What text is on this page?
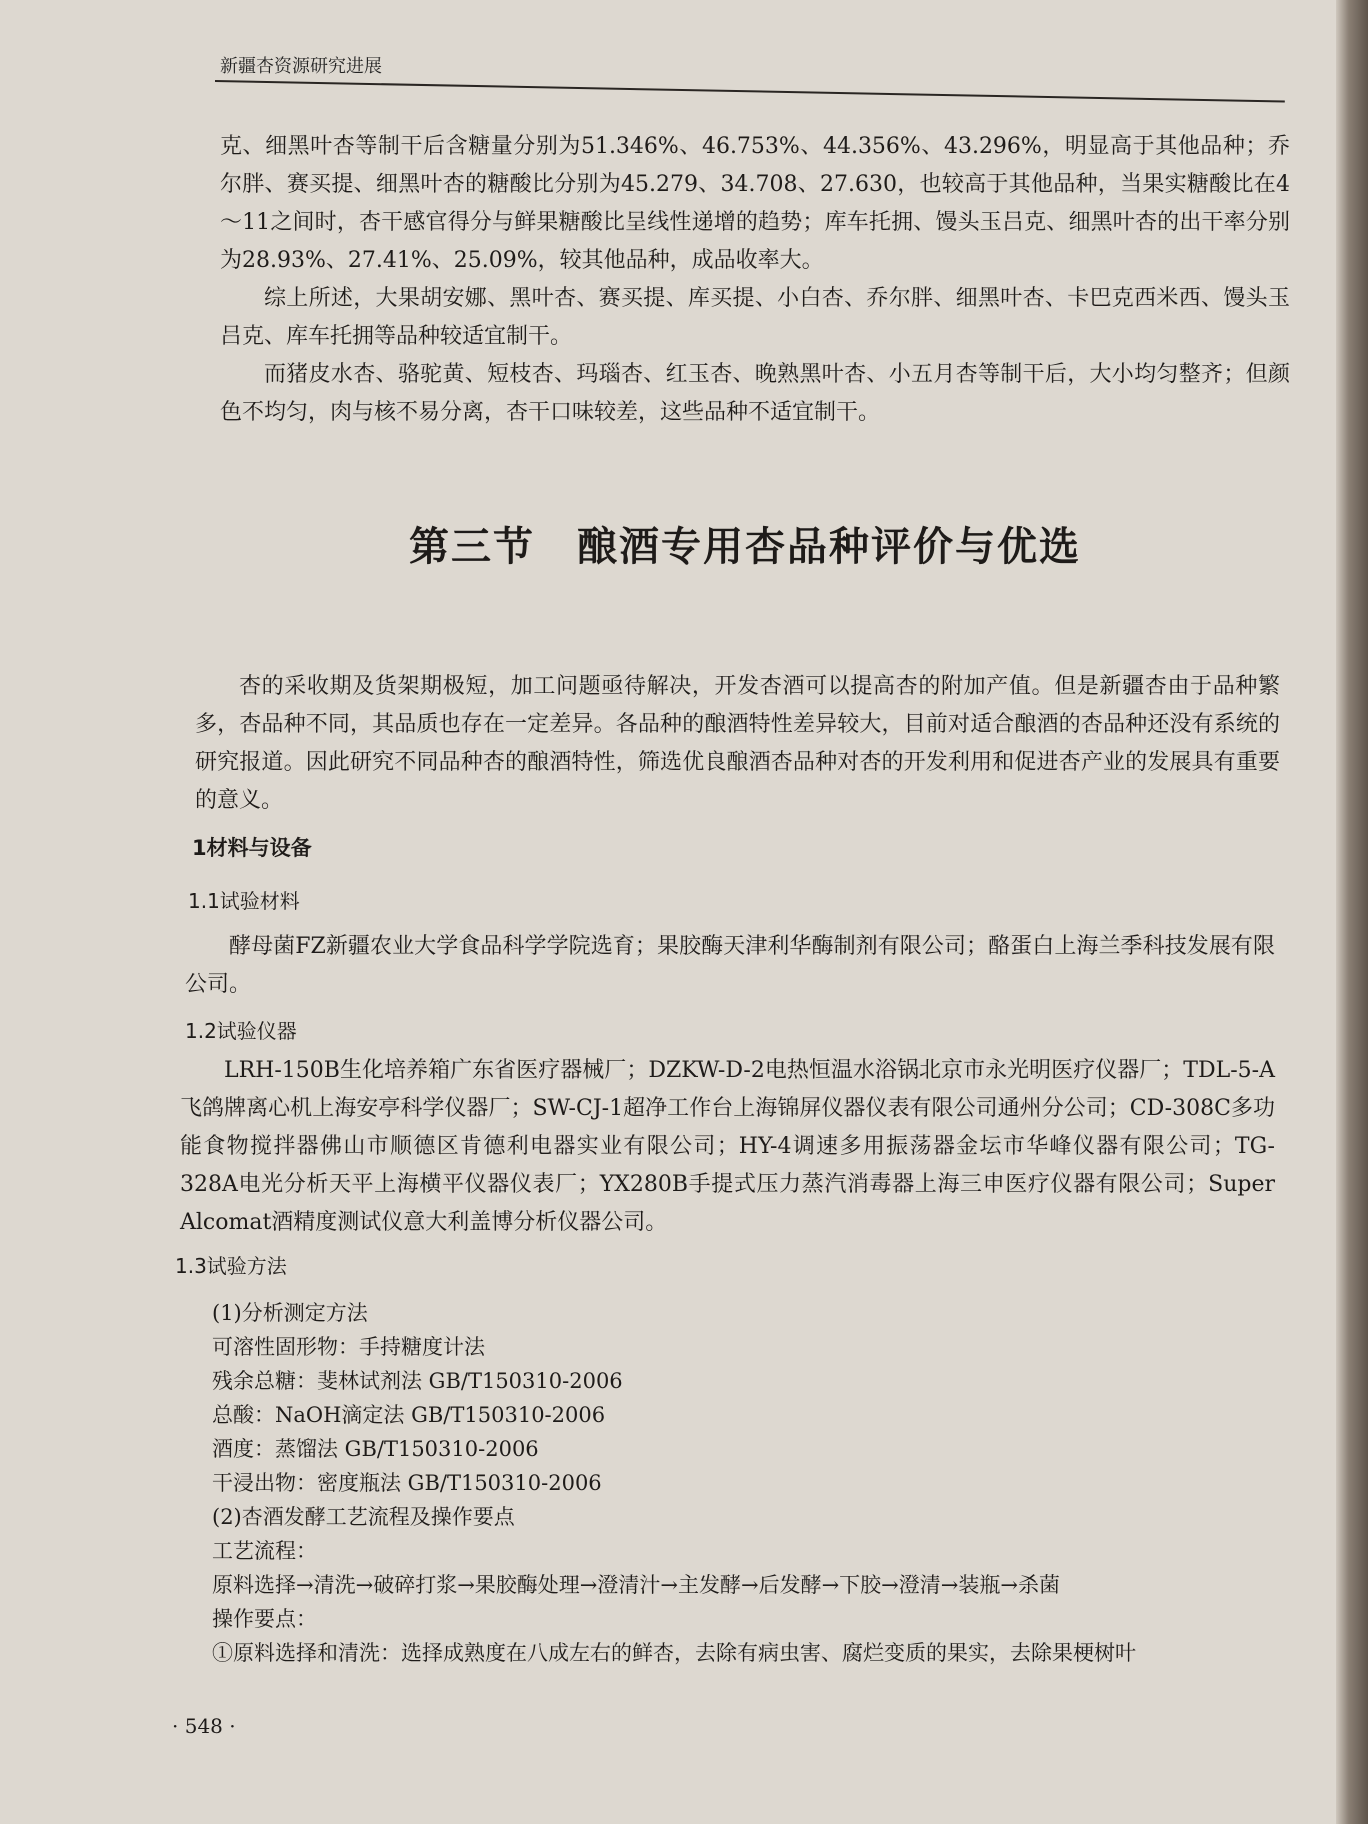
新疆杏资源研究进展

克、细黑叶杏等制干后含糖量分别为51.346%、46.753%、44.356%、43.296%，明显高于其他品种；乔尔胖、赛买提、细黑叶杏的糖酸比分别为45.279、34.708、27.630，也较高于其他品种，当果实糖酸比在4～11之间时，杏干感官得分与鲜果糖酸比呈线性递增的趋势；库车托拥、馒头玉吕克、细黑叶杏的出干率分别为28.93%、27.41%、25.09%，较其他品种，成品收率大。

综上所述，大果胡安娜、黑叶杏、赛买提、库买提、小白杏、乔尔胖、细黑叶杏、卡巴克西米西、馒头玉吕克、库车托拥等品种较适宜制干。

而猪皮水杏、骆驼黄、短枝杏、玛瑙杏、红玉杏、晚熟黑叶杏、小五月杏等制干后，大小均匀整齐；但颜色不均匀，肉与核不易分离，杏干口味较差，这些品种不适宜制干。

第三节　酿酒专用杏品种评价与优选

杏的采收期及货架期极短，加工问题亟待解决，开发杏酒可以提高杏的附加产值。但是新疆杏由于品种繁多，杏品种不同，其品质也存在一定差异。各品种的酿酒特性差异较大，目前对适合酿酒的杏品种还没有系统的研究报道。因此研究不同品种杏的酿酒特性，筛选优良酿酒杏品种对杏的开发利用和促进杏产业的发展具有重要的意义。

1材料与设备
1.1试验材料

酵母菌FZ新疆农业大学食品科学学院选育；果胶酶天津利华酶制剂有限公司；酪蛋白上海兰季科技发展有限公司。

1.2试验仪器

LRH-150B生化培养箱广东省医疗器械厂；DZKW-D-2电热恒温水浴锅北京市永光明医疗仪器厂；TDL-5-A飞鸽牌离心机上海安亭科学仪器厂；SW-CJ-1超净工作台上海锦屏仪器仪表有限公司通州分公司；CD-308C多功能食物搅拌器佛山市顺德区肯德利电器实业有限公司；HY-4调速多用振荡器金坛市华峰仪器有限公司；TG-328A电光分析天平上海横平仪器仪表厂；YX280B手提式压力蒸汽消毒器上海三申医疗仪器有限公司；Super Alcomat酒精度测试仪意大利盖博分析仪器公司。

1.3试验方法
(1)分析测定方法
可溶性固形物：手持糖度计法
残余总糖：斐林试剂法 GB/T150310-2006
总酸：NaOH滴定法 GB/T150310-2006
酒度：蒸馏法 GB/T150310-2006
干浸出物：密度瓶法 GB/T150310-2006
(2)杏酒发酵工艺流程及操作要点
工艺流程：
原料选择→清洗→破碎打浆→果胶酶处理→澄清汁→主发酵→后发酵→下胶→澄清→装瓶→杀菌
操作要点：
①原料选择和清洗：选择成熟度在八成左右的鲜杏，去除有病虫害、腐烂变质的果实，去除果梗树叶
· 548 ·
